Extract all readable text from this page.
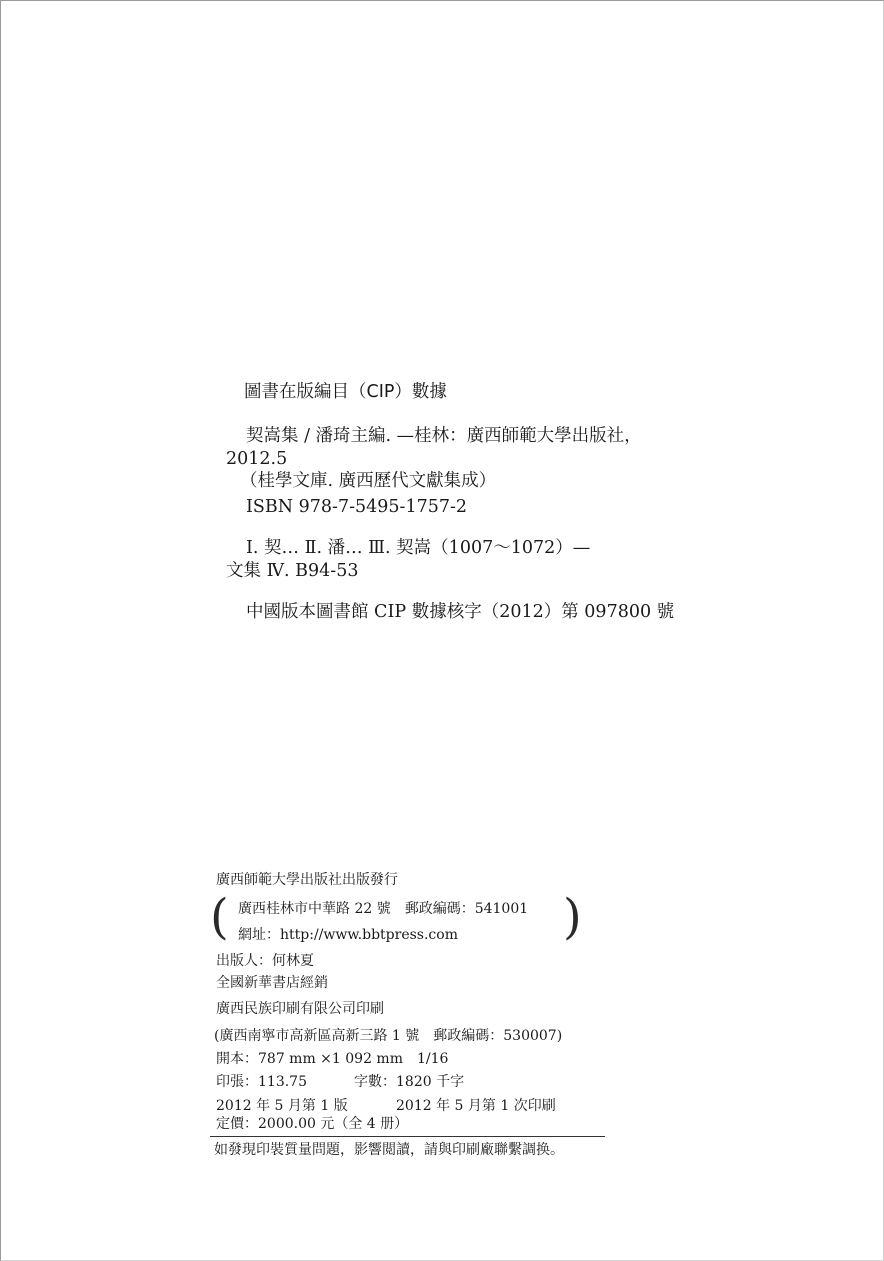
圖書在版編目（CIP）數據
契嵩集 / 潘琦主編. —桂林：廣西師範大學出版社，
2012.5
（桂學文庫. 廣西歷代文獻集成）
ISBN 978-7-5495-1757-2
Ⅰ. 契… Ⅱ. 潘… Ⅲ. 契嵩（1007～1072）—
文集 Ⅳ. B94-53
中國版本圖書館 CIP 數據核字（2012）第 097800 號
廣西師範大學出版社出版發行
( 廣西桂林市中華路 22 號　郵政編碼：541001
網址：http://www.bbtpress.com )
出版人：何林夏
全國新華書店經銷
廣西民族印刷有限公司印刷
(廣西南寧市高新區高新三路 1 號　郵政編碼：530007)
開本：787 mm ×1 092 mm　1/16
印張：113.75	字數：1820 千字
2012 年 5 月第 1 版	2012 年 5 月第 1 次印刷
定價：2000.00 元（全 4 册）
如發現印裝質量問題，影響閲讀，請與印刷廠聯繫調换。
